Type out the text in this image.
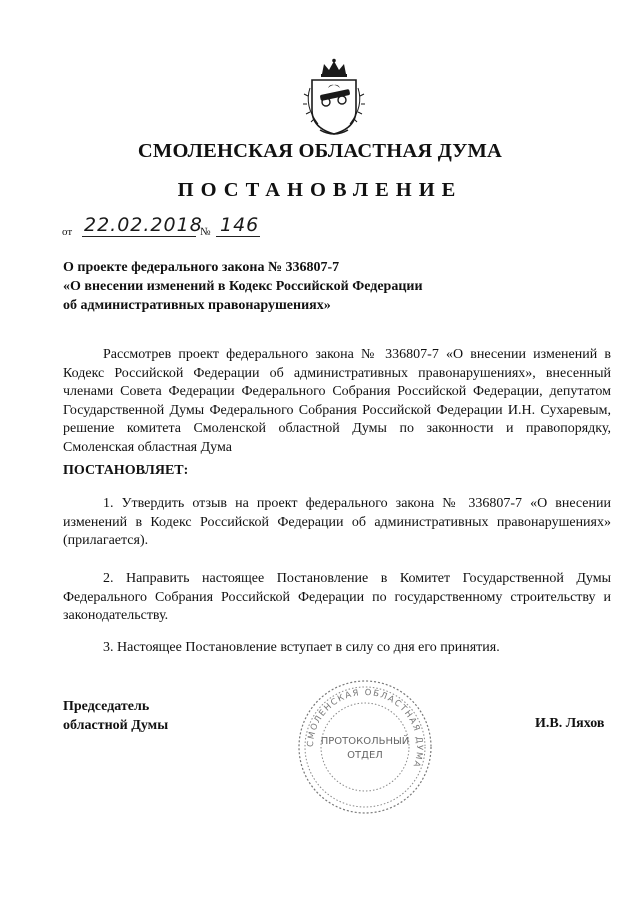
СМОЛЕНСКАЯ ОБЛАСТНАЯ ДУМА
ПОСТАНОВЛЕНИЕ
от 22.02.2018
№ 146
О проекте федерального закона № 336807-7
«О внесении изменений в Кодекс Российской Федерации
об административных правонарушениях»
Рассмотрев проект федерального закона № 336807-7 «О внесении изменений в Кодекс Российской Федерации об административных правонарушениях», внесенный членами Совета Федерации Федерального Собрания Российской Федерации, депутатом Государственной Думы Федерального Собрания Российской Федерации И.Н. Сухаревым, решение комитета Смоленской областной Думы по законности и правопорядку, Смоленская областная Дума
ПОСТАНОВЛЯЕТ:
1. Утвердить отзыв на проект федерального закона № 336807-7 «О внесении изменений в Кодекс Российской Федерации об административных правонарушениях» (прилагается).
2. Направить настоящее Постановление в Комитет Государственной Думы Федерального Собрания Российской Федерации по государственному строительству и законодательству.
3. Настоящее Постановление вступает в силу со дня его принятия.
Председатель
областной Думы
СМОЛЕНСКАЯ ОБЛАСТНАЯ ДУМА
ПРОТОКОЛЬНЫЙ
ОТДЕЛ
И.В. Ляхов
